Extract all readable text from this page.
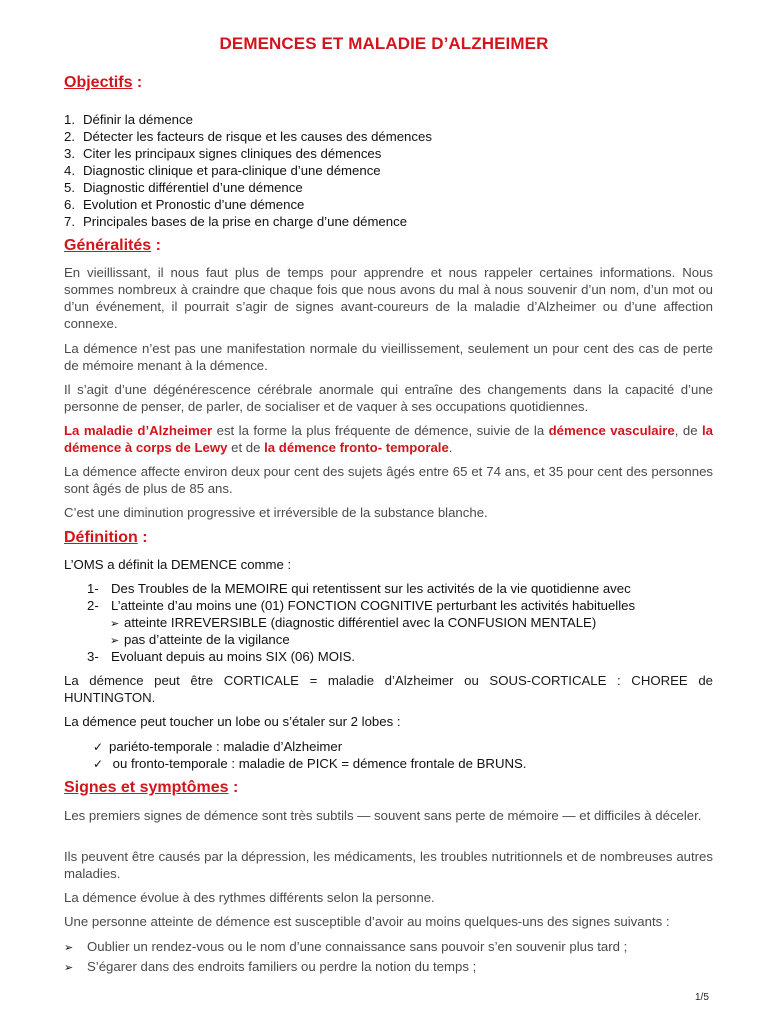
DEMENCES ET MALADIE D’ALZHEIMER
Objectifs :
1. Définir la démence
2. Détecter les facteurs de risque et les causes des démences
3. Citer les principaux signes cliniques des démences
4. Diagnostic clinique et para-clinique d’une démence
5. Diagnostic différentiel d’une démence
6. Evolution et Pronostic d’une démence
7. Principales bases de la prise en charge d’une démence
Généralités :

En vieillissant, il nous faut plus de temps pour apprendre et nous rappeler certaines informations. Nous sommes nombreux à craindre que chaque fois que nous avons du mal à nous souvenir d’un nom, d’un mot ou d’un événement, il pourrait s’agir de signes avant-coureurs de la maladie d’Alzheimer ou d’une affection connexe.

La démence n’est pas une manifestation normale du vieillissement, seulement un pour cent des cas de perte de mémoire menant à la démence.

Il s’agit d’une dégénérescence cérébrale anormale qui entraîne des changements dans la capacité d’une personne de penser, de parler, de socialiser et de vaquer à ses occupations quotidiennes.

La maladie d’Alzheimer est la forme la plus fréquente de démence, suivie de la démence vasculaire, de la démence à corps de Lewy et de la démence fronto- temporale.

La démence affecte environ deux pour cent des sujets âgés entre 65 et 74 ans, et 35 pour cent des personnes sont âgés de plus de 85 ans.

C’est une diminution progressive et irréversible de la substance blanche.

Définition :
L’OMS a définit la DEMENCE comme :
1- Des Troubles de la MEMOIRE qui retentissent sur les activités de la vie quotidienne avec
2- L’atteinte d’au moins une (01) FONCTION COGNITIVE perturbant les activités habituelles
➢ atteinte IRREVERSIBLE (diagnostic différentiel avec la CONFUSION MENTALE)
➢ pas d’atteinte de la vigilance
3- Evoluant depuis au moins SIX (06) MOIS.

La démence peut être CORTICALE = maladie d’Alzheimer ou SOUS-CORTICALE : CHOREE de HUNTINGTON.

La démence peut toucher un lobe ou s’étaler sur 2 lobes :
✓ pariéto-temporale : maladie d’Alzheimer
✓ ou fronto-temporale : maladie de PICK = démence frontale de BRUNS.
Signes et symptômes :

Les premiers signes de démence sont très subtils — souvent sans perte de mémoire — et difficiles à déceler.

Ils peuvent être causés par la dépression, les médicaments, les troubles nutritionnels et de nombreuses autres maladies.

La démence évolue à des rythmes différents selon la personne.

Une personne atteinte de démence est susceptible d’avoir au moins quelques-uns des signes suivants :

➢ Oublier un rendez-vous ou le nom d’une connaissance sans pouvoir s’en souvenir plus tard ;
➢ S’égarer dans des endroits familiers ou perdre la notion du temps ;
1/5
